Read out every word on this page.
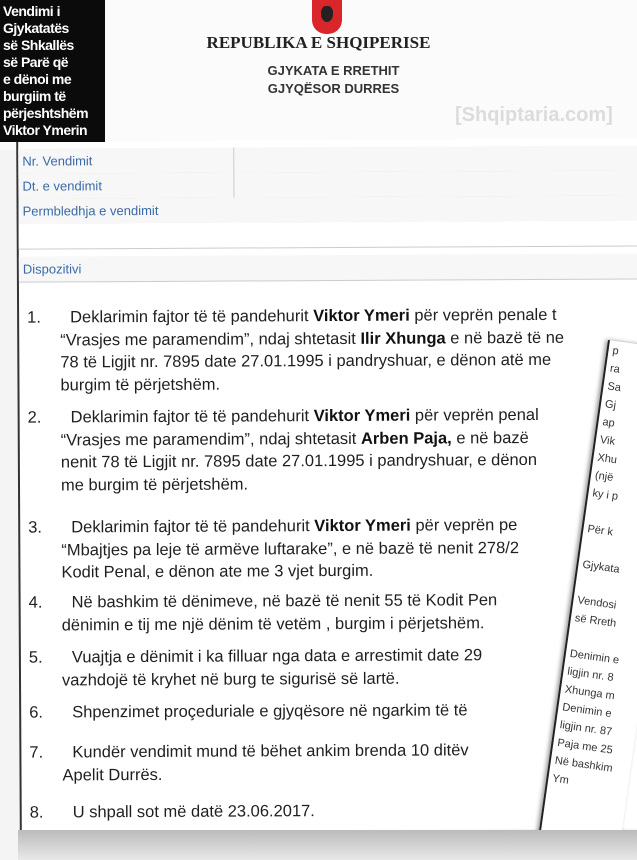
REPUBLIKA E SHQIPERISE
GJYKATA E RRETHIT
GJYQËSOR DURRES
[Shqiptaria.com]
Nr. Vendimit
Dt. e vendimit
Permbledhja e vendimit
Dispozitivi
1.	Deklarimin fajtor të të pandehurit Viktor Ymeri për veprën penale t
“Vrasjes me paramendim”, ndaj shtetasit Ilir Xhunga e në bazë të ne
78 të Ligjit nr. 7895 date 27.01.1995 i pandryshuar, e dënon atë me
burgim të përjetshëm.
2.	Deklarimin fajtor të të pandehurit Viktor Ymeri për veprën penal
“Vrasjes me paramendim”, ndaj shtetasit Arben Paja, e në bazë
nenit 78 të Ligjit nr. 7895 date 27.01.1995 i pandryshuar, e dënon
me burgim të përjetshëm.
3.	Deklarimin fajtor të të pandehurit Viktor Ymeri për veprën pe
“Mbajtjes pa leje të armëve luftarake”, e në bazë të nenit 278/2
Kodit Penal, e dënon ate me 3 vjet burgim.
4.	Në bashkim të dënimeve, në bazë të nenit 55 të Kodit Pen
dënimin e tij me një dënim të vetëm , burgim i përjetshëm.
5.	Vuajtja e dënimit i ka filluar nga data e arrestimit date 29
vazhdojë të kryhet në burg te sigurisë së lartë.
6.	Shpenzimet proçeduriale e gjyqësore në ngarkim të të
7.	Kundër vendimit mund të bëhet ankim brenda 10 ditëv
Apelit Durrës.
8.	U shpall sot më datë 23.06.2017.
p
ra
Sa
Gj
ap
Vik
Xhu
(një
ky i p
Për k
Gjykata
Vendosi
së Rreth
Denimin e
ligjin nr. 8
Xhunga m
Denimin e
ligjin nr. 87
Paja me 25
Në bashkim
Ym
Vendimi i
Gjykatatës
së Shkallës
së Parë që
e dënoi me
burgiim të
përjeshtshëm
Viktor Ymerin
